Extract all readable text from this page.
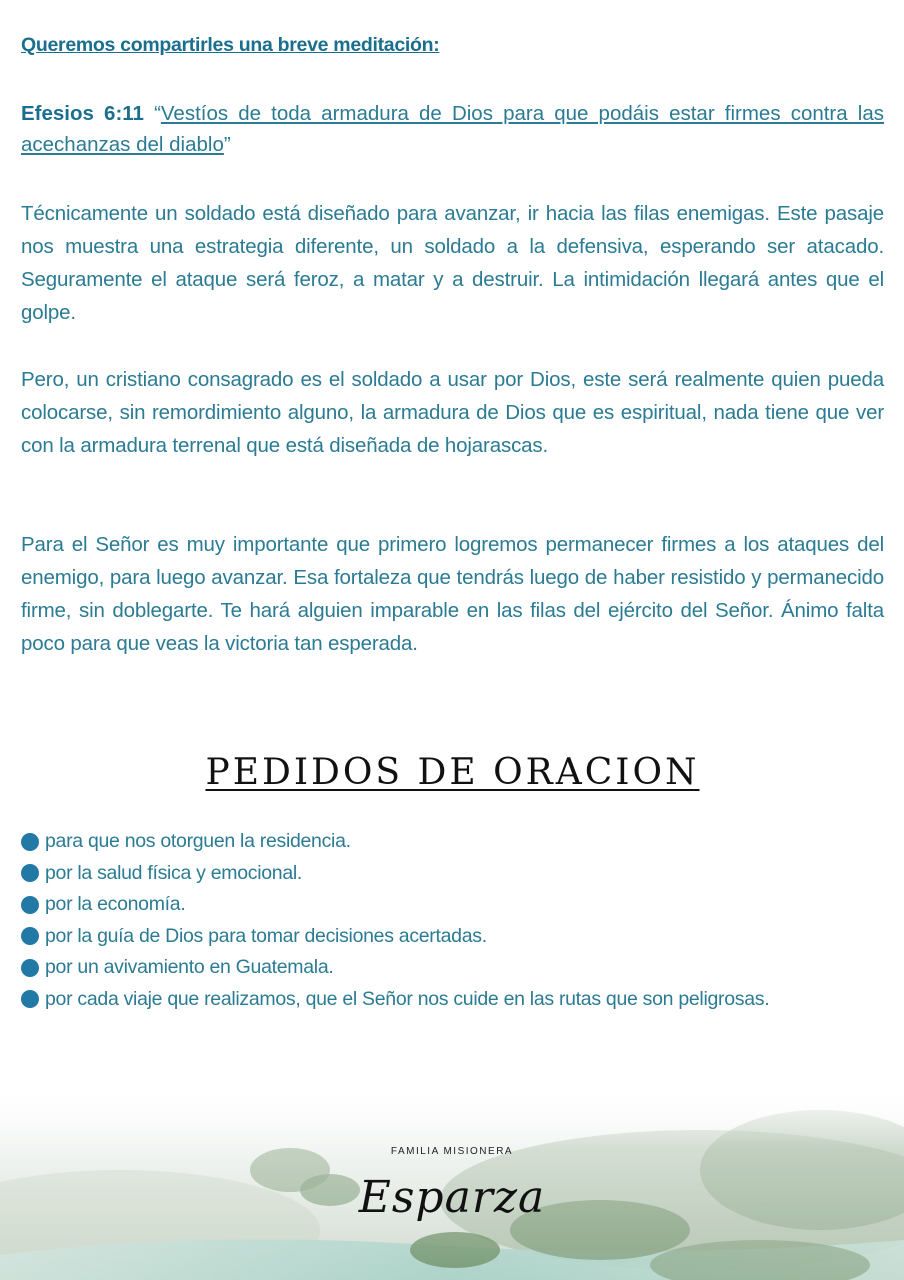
Queremos compartirles una breve meditación:
Efesios 6:11 “Vestíos de toda armadura de Dios para que podáis estar firmes contra las acechanzas del diablo”

Técnicamente un soldado está diseñado para avanzar, ir hacia las filas enemigas. Este pasaje nos muestra una estrategia diferente, un soldado a la defensiva, esperando ser atacado. Seguramente el ataque será feroz, a matar y a destruir. La intimidación llegará antes que el golpe.

Pero, un cristiano consagrado es el soldado a usar por Dios, este será realmente quien pueda colocarse, sin remordimiento alguno, la armadura de Dios que es espiritual, nada tiene que ver con la armadura terrenal que está diseñada de hojarascas.

Para el Señor es muy importante que primero logremos permanecer firmes a los ataques del enemigo, para luego avanzar. Esa fortaleza que tendrás luego de haber resistido y permanecido firme, sin doblegarte. Te hará alguien imparable en las filas del ejército del Señor. Ánimo falta poco para que veas la victoria tan esperada.

PEDIDOS DE ORACION
para que nos otorguen la residencia.
por la salud física y emocional.
por la economía.
por la guía de Dios para tomar decisiones acertadas.
por un avivamiento en Guatemala.
por cada viaje que realizamos, que el Señor nos cuide en las rutas que son peligrosas.
FAMILIA MISIONERA
Esparza
